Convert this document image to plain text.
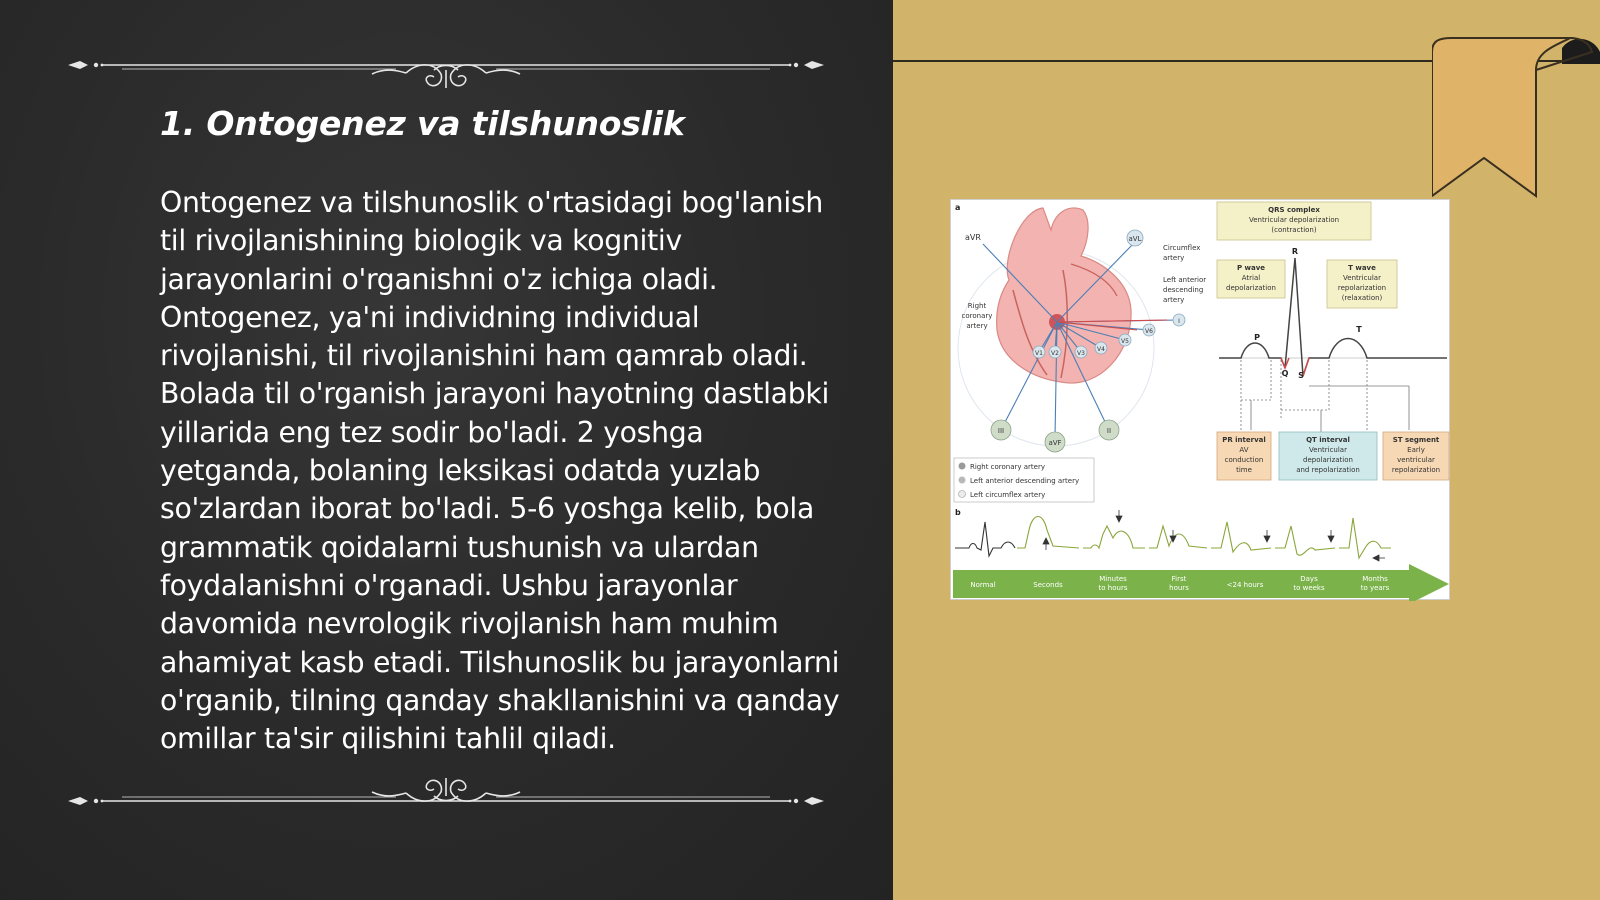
1. Ontogenez va tilshunoslik

Ontogenez va tilshunoslik o'rtasidagi bog'lanish til rivojlanishining biologik va kognitiv jarayonlarini o'rganishni o'z ichiga oladi. Ontogenez, ya'ni individning individual rivojlanishi, til rivojlanishini ham qamrab oladi. Bolada til o'rganish jarayoni hayotning dastlabki yillarida eng tez sodir bo'ladi. 2 yoshga yetganda, bolaning leksikasi odatda yuzlab so'zlardan iborat bo'ladi. 5-6 yoshga kelib, bola grammatik qoidalarni tushunish va ulardan foydalanishni o'rganadi. Ushbu jarayonlar davomida nevrologik rivojlanish ham muhim ahamiyat kasb etadi. Tilshunoslik bu jarayonlarni o'rganib, tilning qanday shakllanishini va qanday omillar ta'sir qilishini tahlil qiladi.

a
b
aVR	aVL
I
V6
V5
V4
V3
V2
V1
III
aVF
II
Circumflex
artery
Left anterior
descending
artery
Right
coronary
artery
Right coronary artery
Left anterior descending artery
Left circumflex artery
QRS complex
Ventricular depolarization
(contraction)
P wave
Atrial
depolarization
T wave
Ventricular
repolarization
(relaxation)
P
R
Q S
T
PR interval
AV
conduction
time
QT interval
Ventricular
depolarization
and repolarization
ST segment
Early
ventricular
repolarization
Normal	Seconds
Minutes
to hours
First
hours	<24 hours
Days
to weeks
Months
to years
